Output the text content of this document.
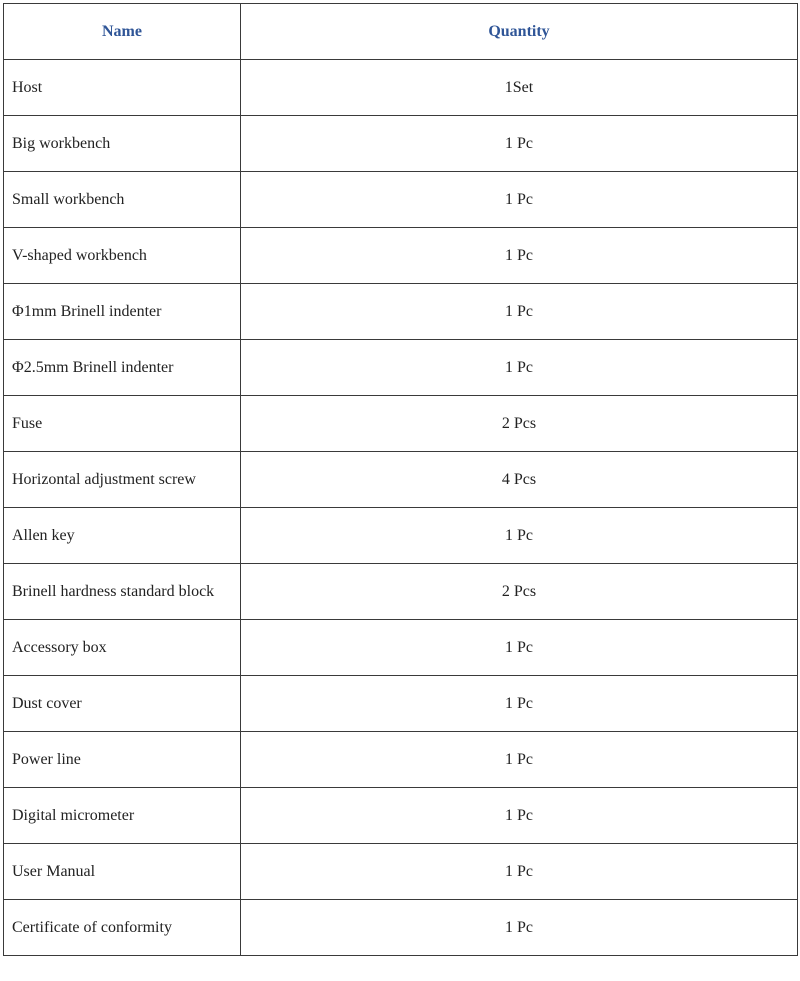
Name	Quantity
Host	1Set
Big workbench	1 Pc
Small workbench	1 Pc
V-shaped workbench	1 Pc
Φ1mm Brinell indenter	1 Pc
Φ2.5mm Brinell indenter	1 Pc
Fuse	2 Pcs
Horizontal adjustment screw	4 Pcs
Allen key	1 Pc
Brinell hardness standard block	2 Pcs
Accessory box	1 Pc
Dust cover	1 Pc
Power line	1 Pc
Digital micrometer	1 Pc
User Manual	1 Pc
Certificate of conformity	1 Pc
